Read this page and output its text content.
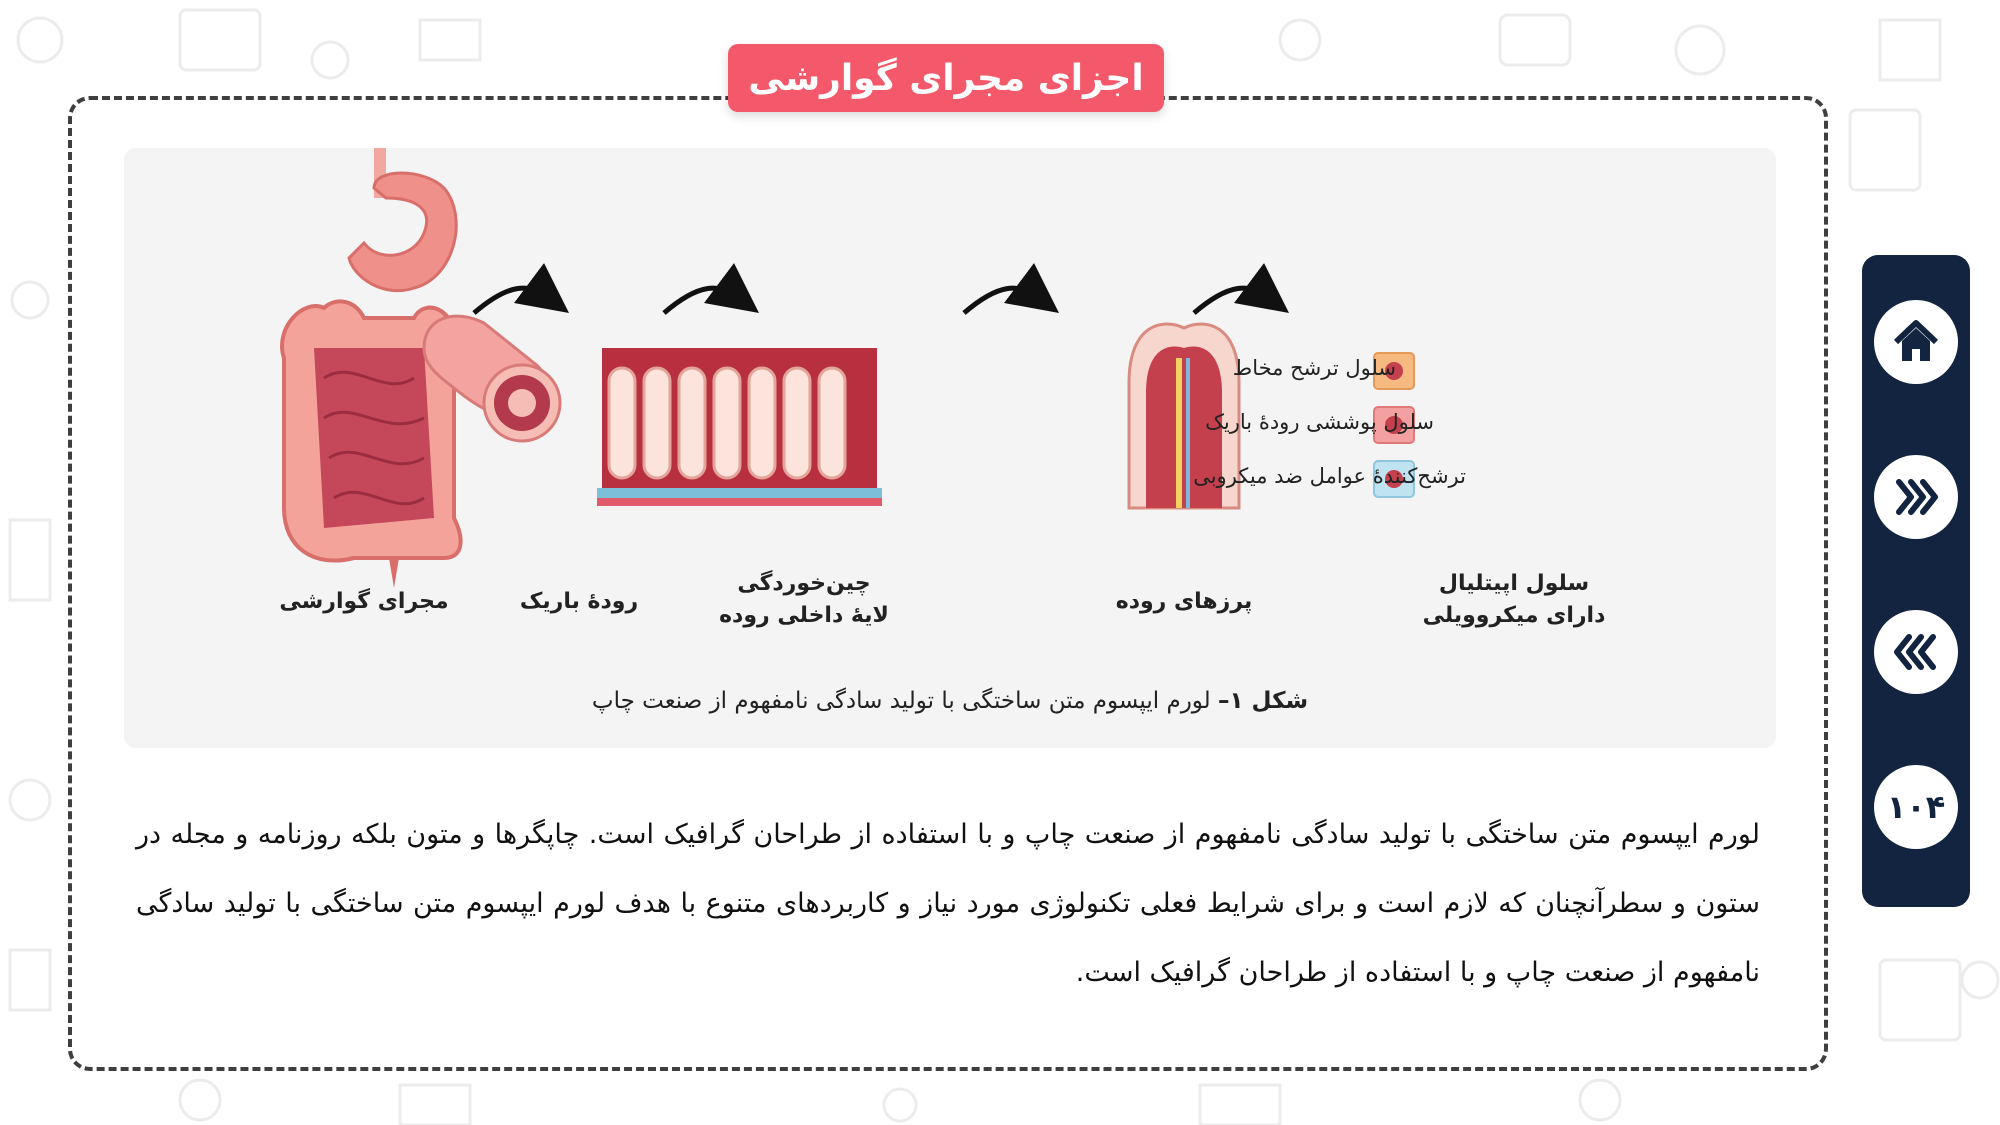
اجزای مجرای گوارشی
مجرای گوارشی	رودهٔ باریک
چین‌خوردگی
لایهٔ داخلی روده
پرزهای روده
سلول اپیتلیال
دارای میکروویلی
سلول ترشح مخاط
سلول پوششی رودهٔ باریک
ترشح‌کنندهٔ عوامل ضد میکروبی
شکل ۱– لورم ایپسوم متن ساختگی با تولید سادگی نامفهوم از صنعت چاپ
لورم ایپسوم متن ساختگی با تولید سادگی نامفهوم از صنعت چاپ و با استفاده از طراحان گرافیک است. چاپگرها و متون بلکه روزنامه و مجله در ستون و سطرآنچنان که لازم است و برای شرایط فعلی تکنولوژی مورد نیاز و کاربردهای متنوع با هدف لورم ایپسوم متن ساختگی با تولید سادگی نامفهوم از صنعت چاپ و با استفاده از طراحان گرافیک است.
۱۰۴
